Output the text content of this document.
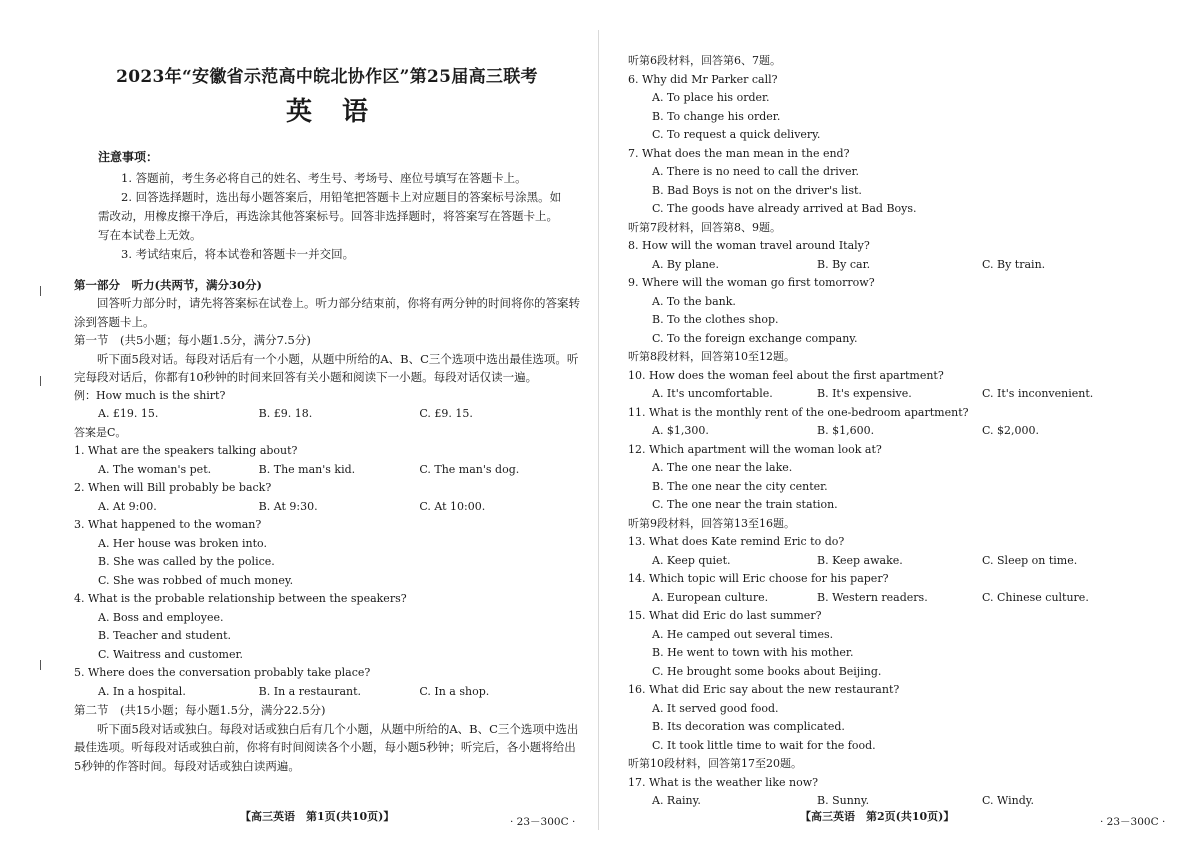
2023年“安徽省示范高中皖北协作区”第25届高三联考
英语
注意事项：
1. 答题前，考生务必将自己的姓名、考生号、考场号、座位号填写在答题卡上。
2. 回答选择题时，选出每小题答案后，用铅笔把答题卡上对应题目的答案标号涂黑。如需改动，用橡皮擦干净后，再选涂其他答案标号。回答非选择题时，将答案写在答题卡上。写在本试卷上无效。
3. 考试结束后，将本试卷和答题卡一并交回。
第一部分　听力(共两节，满分30分)
回答听力部分时，请先将答案标在试卷上。听力部分结束前，你将有两分钟的时间将你的答案转涂到答题卡上。
第一节　(共5小题；每小题1.5分，满分7.5分)
听下面5段对话。每段对话后有一个小题，从题中所给的A、B、C三个选项中选出最佳选项。听完每段对话后，你都有10秒钟的时间来回答有关小题和阅读下一小题。每段对话仅读一遍。
例：How much is the shirt?
A. £19. 15.	B. £9. 18.	C. £9. 15.
答案是C。
1. What are the speakers talking about?
A. The woman's pet.	B. The man's kid.	C. The man's dog.
2. When will Bill probably be back?
A. At 9:00.	B. At 9:30.	C. At 10:00.
3. What happened to the woman?
A. Her house was broken into.
B. She was called by the police.
C. She was robbed of much money.
4. What is the probable relationship between the speakers?
A. Boss and employee.
B. Teacher and student.
C. Waitress and customer.
5. Where does the conversation probably take place?
A. In a hospital.	B. In a restaurant.	C. In a shop.
第二节　(共15小题；每小题1.5分，满分22.5分)
听下面5段对话或独白。每段对话或独白后有几个小题，从题中所给的A、B、C三个选项中选出最佳选项。听每段对话或独白前，你将有时间阅读各个小题，每小题5秒钟；听完后，各小题将给出5秒钟的作答时间。每段对话或独白读两遍。
【高三英语　第1页(共10页)】	· 23－300C ·
听第6段材料，回答第6、7题。
6. Why did Mr Parker call?
A. To place his order.
B. To change his order.
C. To request a quick delivery.
7. What does the man mean in the end?
A. There is no need to call the driver.
B. Bad Boys is not on the driver's list.
C. The goods have already arrived at Bad Boys.
听第7段材料，回答第8、9题。
8. How will the woman travel around Italy?
A. By plane.	B. By car.	C. By train.
9. Where will the woman go first tomorrow?
A. To the bank.
B. To the clothes shop.
C. To the foreign exchange company.
听第8段材料，回答第10至12题。
10. How does the woman feel about the first apartment?
A. It's uncomfortable.	B. It's expensive.	C. It's inconvenient.
11. What is the monthly rent of the one-bedroom apartment?
A. $1,300.	B. $1,600.	C. $2,000.
12. Which apartment will the woman look at?
A. The one near the lake.
B. The one near the city center.
C. The one near the train station.
听第9段材料，回答第13至16题。
13. What does Kate remind Eric to do?
A. Keep quiet.	B. Keep awake.	C. Sleep on time.
14. Which topic will Eric choose for his paper?
A. European culture.	B. Western readers.	C. Chinese culture.
15. What did Eric do last summer?
A. He camped out several times.
B. He went to town with his mother.
C. He brought some books about Beijing.
16. What did Eric say about the new restaurant?
A. It served good food.
B. Its decoration was complicated.
C. It took little time to wait for the food.
听第10段材料，回答第17至20题。
17. What is the weather like now?
A. Rainy.	B. Sunny.	C. Windy.
【高三英语　第2页(共10页)】	· 23－300C ·
